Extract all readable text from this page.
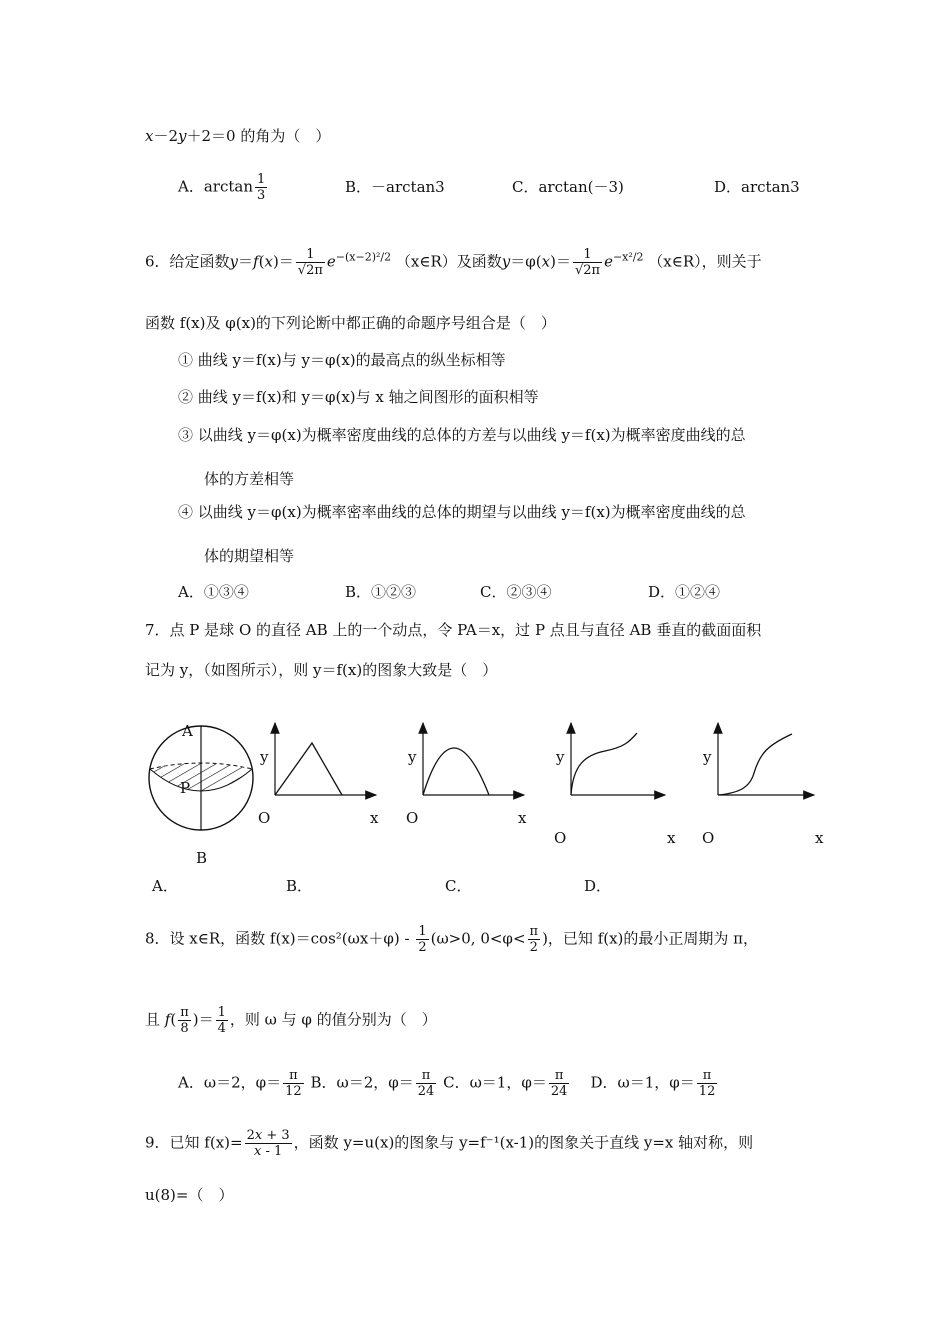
x－2y＋2＝0 的角为（　）
A．$\arctan \frac{1}{3}$	B．－arctan3	C．arctan(－3)	D．arctan3
6．给定函数$y=f(x)= \frac{1}{√2\pi} e^{-(x-2)^2/2}$ （x∈R）及函数$y=\varphi(x)= \frac{1}{√2\pi} e^{-x^2/2}$ （x∈R），则关于
函数 f(x)及 φ(x)的下列论断中都正确的命题序号组合是（　）
① 曲线 y＝f(x)与 y＝φ(x)的最高点的纵坐标相等
② 曲线 y＝f(x)和 y＝φ(x)与 x 轴之间图形的面积相等
③ 以曲线 y＝φ(x)为概率密度曲线的总体的方差与以曲线 y＝f(x)为概率密度曲线的总
体的方差相等
④ 以曲线 y＝φ(x)为概率密率曲线的总体的期望与以曲线 y＝f(x)为概率密度曲线的总
体的期望相等
A．①③④	B．①②③	C．②③④	D．①②④
7．点 P 是球 O 的直径 AB 上的一个动点，令 PA＝x，过 P 点且与直径 AB 垂直的截面面积
记为 y，（如图所示），则 y＝f(x)的图象大致是（　）
A
P
B
y
O	x
y
O	x
y
O	x
y
O	x
A．	B．	C．	D．
8．设 x∈R，函数 $f(x)=\cos^2(\omega x+\varphi) - \frac{1}{2} (\omega>0$, $0<\varphi< \frac{\pi}{2}$ )，已知 f(x)的最小正周期为 π，
且 $f( \frac{\pi}{8}$ )＝ $\frac{1}{4}$ ，则 ω 与 φ 的值分别为（　）
A．ω＝2，$\varphi= \frac{\pi}{12}$ B．ω＝2，$\varphi= \frac{\pi}{24}$ C．ω＝1，$\varphi= \frac{\pi}{24}$ D．ω＝1，$\varphi= \frac{\pi}{12}$
9．已知 $f(x)= \frac{2x + 3}{x - 1}$ ，函数 y=u(x)的图象与 y=f⁻¹(x-1)的图象关于直线 y=x 轴对称，则
u(8)=（　）
